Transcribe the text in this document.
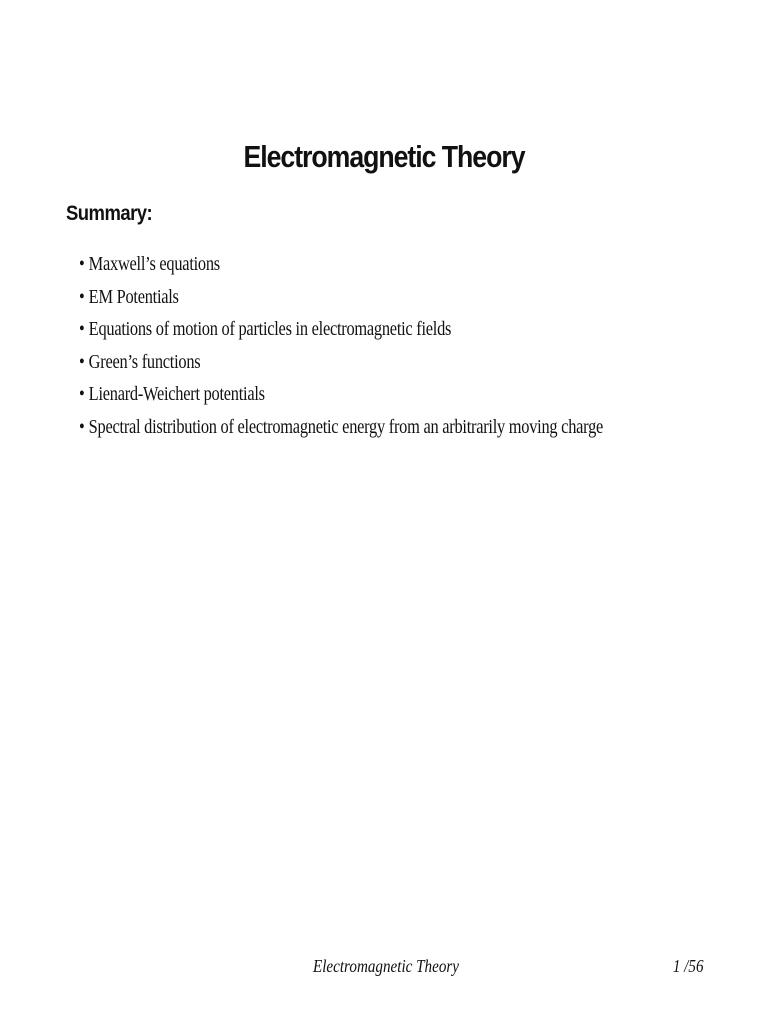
Electromagnetic Theory
Summary:
• Maxwell’s equations
• EM Potentials
• Equations of motion of particles in electromagnetic fields
• Green’s functions
• Lienard-Weichert potentials
• Spectral distribution of electromagnetic energy from an arbitrarily moving charge
Electromagnetic Theory	1 /56
